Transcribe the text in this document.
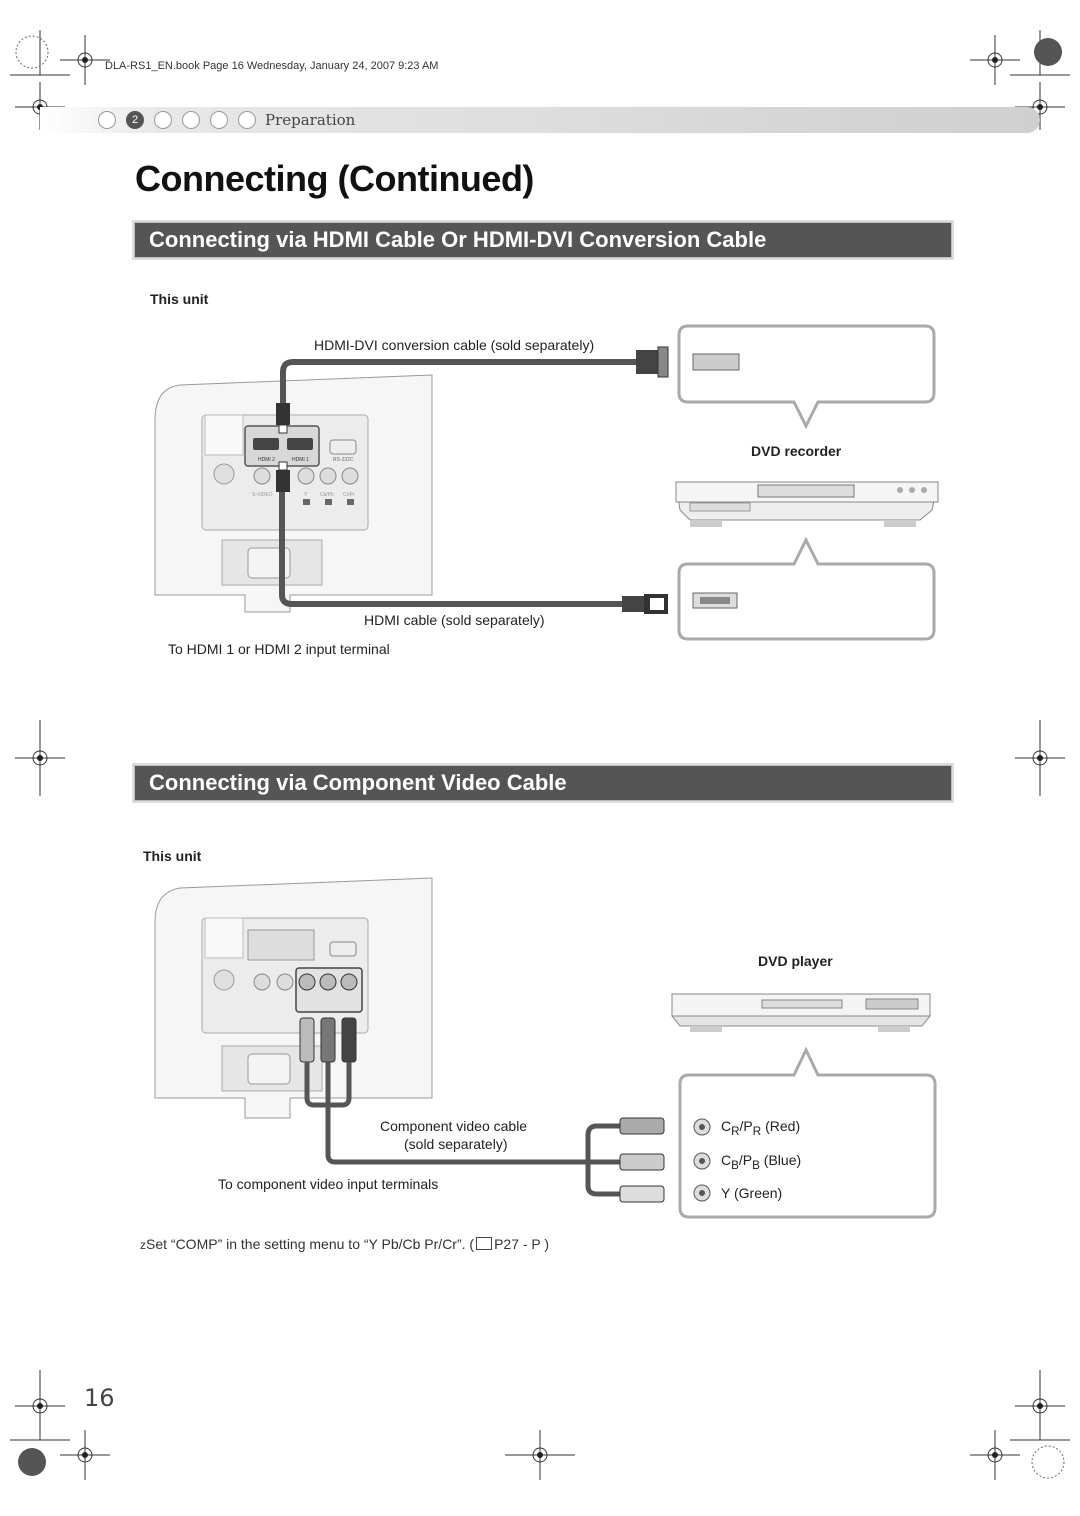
DLA-RS1_EN.book Page 16 Wednesday, January 24, 2007 9:23 AM
2	Preparation
Connecting (Continued)
Connecting via HDMI Cable Or HDMI-DVI Conversion Cable
This unit
HDMI-DVI conversion cable (sold separately)
DVD recorder
HDMI cable (sold separately)
To HDMI 1 or HDMI 2 input terminal
HDMI 2	HDMI 1	RS-232C
S-VIDEO	Y	Cb/Pb Cr/Pr
Connecting via Component Video Cable
This unit
DVD player
$C_R/P_R$ (Red)
$C_B/P_B$ (Blue)
Y (Green)
Component video cable
(sold separately)
To component video input terminals
zSet “COMP” in the setting menu to “Y Pb/Cb Pr/Cr”. ( P27 - P )
16
